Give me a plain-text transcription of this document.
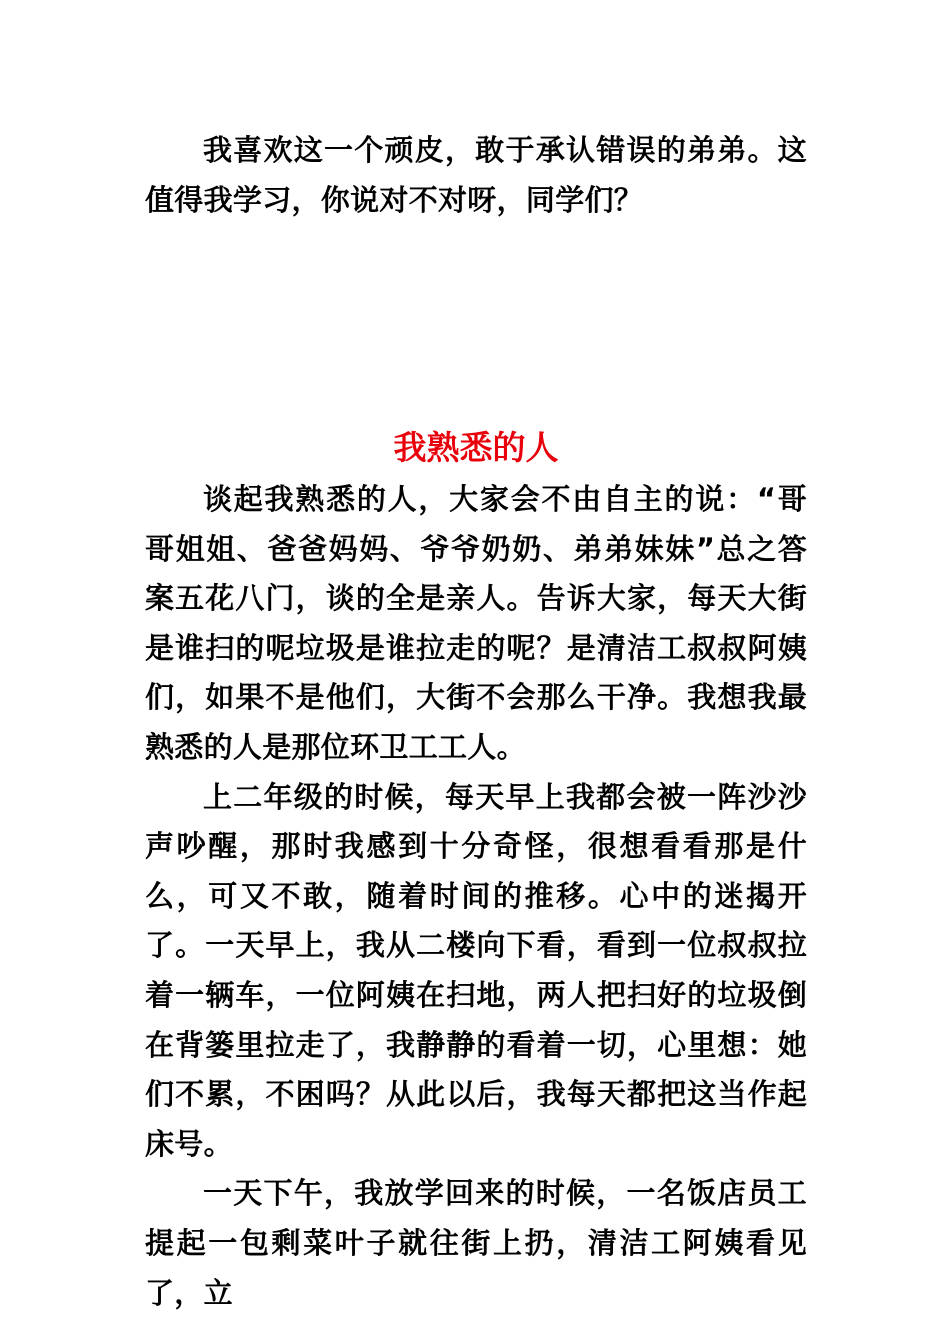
我喜欢这一个顽皮，敢于承认错误的弟弟。这值得我学习，你说对不对呀，同学们？

我熟悉的人

谈起我熟悉的人，大家会不由自主的说：“哥哥姐姐、爸爸妈妈、爷爷奶奶、弟弟妹妹”总之答案五花八门，谈的全是亲人。告诉大家，每天大街是谁扫的呢垃圾是谁拉走的呢？是清洁工叔叔阿姨们，如果不是他们，大街不会那么干净。我想我最熟悉的人是那位环卫工工人。

上二年级的时候，每天早上我都会被一阵沙沙声吵醒，那时我感到十分奇怪，很想看看那是什么，可又不敢，随着时间的推移。心中的迷揭开了。一天早上，我从二楼向下看，看到一位叔叔拉着一辆车，一位阿姨在扫地，两人把扫好的垃圾倒在背篓里拉走了，我静静的看着一切，心里想：她们不累，不困吗？从此以后，我每天都把这当作起床号。

一天下午，我放学回来的时候，一名饭店员工提起一包剩菜叶子就往街上扔，清洁工阿姨看见了，立
